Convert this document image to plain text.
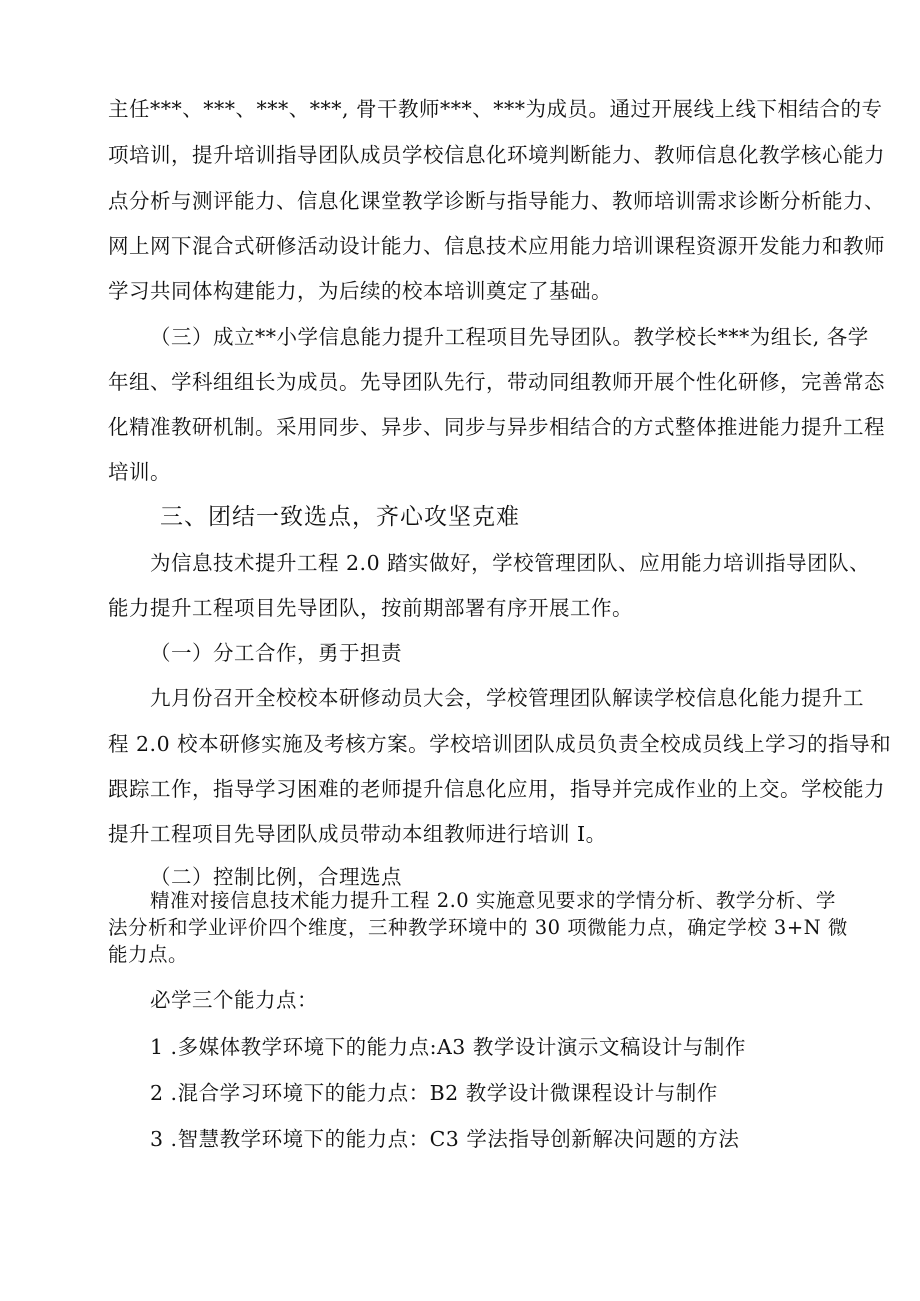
主任***、***、***、***, 骨干教师***、***为成员。通过开展线上线下相结合的专
项培训，提升培训指导团队成员学校信息化环境判断能力、教师信息化教学核心能力
点分析与测评能力、信息化课堂教学诊断与指导能力、教师培训需求诊断分析能力、
网上网下混合式研修活动设计能力、信息技术应用能力培训课程资源开发能力和教师
学习共同体构建能力，为后续的校本培训奠定了基础。
（三）成立**小学信息能力提升工程项目先导团队。教学校长***为组长, 各学
年组、学科组组长为成员。先导团队先行，带动同组教师开展个性化研修，完善常态
化精准教研机制。采用同步、异步、同步与异步相结合的方式整体推进能力提升工程
培训。
三、团结一致选点，齐心攻坚克难
为信息技术提升工程 2.0 踏实做好，学校管理团队、应用能力培训指导团队、
能力提升工程项目先导团队，按前期部署有序开展工作。
（一）分工合作，勇于担责
九月份召开全校校本研修动员大会，学校管理团队解读学校信息化能力提升工
程 2.0 校本研修实施及考核方案。学校培训团队成员负责全校成员线上学习的指导和
跟踪工作，指导学习困难的老师提升信息化应用，指导并完成作业的上交。学校能力
提升工程项目先导团队成员带动本组教师进行培训 I。
（二）控制比例，合理选点
精准对接信息技术能力提升工程 2.0 实施意见要求的学情分析、教学分析、学
法分析和学业评价四个维度，三种教学环境中的 30 项微能力点，确定学校 3+N 微
能力点。
必学三个能力点：
1 .多媒体教学环境下的能力点:A3 教学设计演示文稿设计与制作
2 .混合学习环境下的能力点：B2 教学设计微课程设计与制作
3 .智慧教学环境下的能力点：C3 学法指导创新解决问题的方法
